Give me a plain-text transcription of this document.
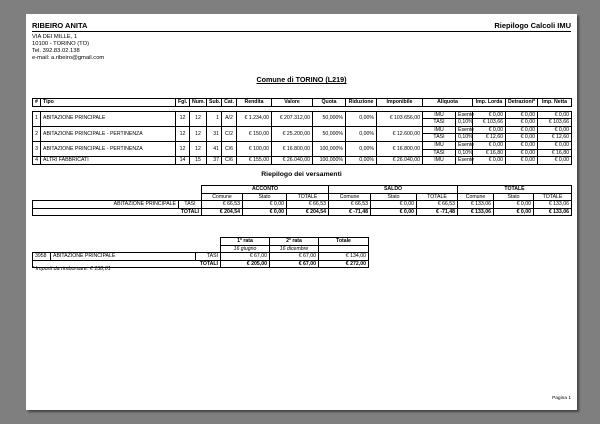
RIBEIRO ANITA	Riepilogo Calcoli IMU
VIA DEI MILLE, 1
10100 - TORINO (TO)
Tel. 392.83.02.138
e-mail: a.ribeiro@gmail.com
Comune di TORINO (L219)
#	Tipo	Fgl.	Num.	Sub.	Cat.	Rendita	Valore	Quota	Riduzione	Imponibile	Aliquota		Imp. Lorda	Detrazioni*	Imp. Netta

1	ABITAZIONE PRINCIPALE	12	12	1	A/2	€ 1.234,00	€ 207.312,00	50,000%	0,00%	€ 103.656,00	IMU	Esente	€ 0,00	€ 0,00	€ 0,00
											TASI	0,10%	€ 103,66	€ 0,00	€ 103,66
2	ABITAZIONE PRINCIPALE - PERTINENZA	12	12	31	C/2	€ 150,00	€ 25.200,00	50,000%	0,00%	€ 12.600,00	IMU	Esente	€ 0,00	€ 0,00	€ 0,00
											TASI	0,10%	€ 12,60	€ 0,00	€ 12,60
3	ABITAZIONE PRINCIPALE - PERTINENZA	12	12	41	C/6	€ 100,00	€ 16.800,00	100,000%	0,00%	€ 16.800,00	IMU	Esente	€ 0,00	€ 0,00	€ 0,00
											TASI	0,10%	€ 16,80	€ 0,00	€ 16,80
4	ALTRI FABBRICATI	14	15	37	C/6	€ 155,00	€ 26.040,00	100,000%	0,00%	€ 26.040,00	IMU	Esente	€ 0,00	€ 0,00	€ 0,00
Riepilogo dei versamenti
		ACCONTO			SALDO			TOTALE		
		Comune	Stato	TOTALE	Comune	Stato	TOTALE	Comune	Stato	TOTALE
ABITAZIONE PRINCIPALE	TASI	€ 66,53	€ 0,00	€ 66,53	€ 66,53	€ 0,00	€ 66,53	€ 133,06	€ 0,00	€ 133,06
TOTALI		€ 204,54	€ 0,00	€ 204,54	€ -71,48	€ 0,00	€ -71,48	€ 133,06	€ 0,00	€ 133,06
			1ª rata	2ª rata	Totale
			16 giugno	16 dicembre	
3958	ABITAZIONE PRINCIPALE	TASI	€ 67,00	€ 67,00	€ 134,00
TOTALI			€ 205,00	€ 67,00	€ 272,00
* Importi da rimborsare: € 138,01
Pagina 1
